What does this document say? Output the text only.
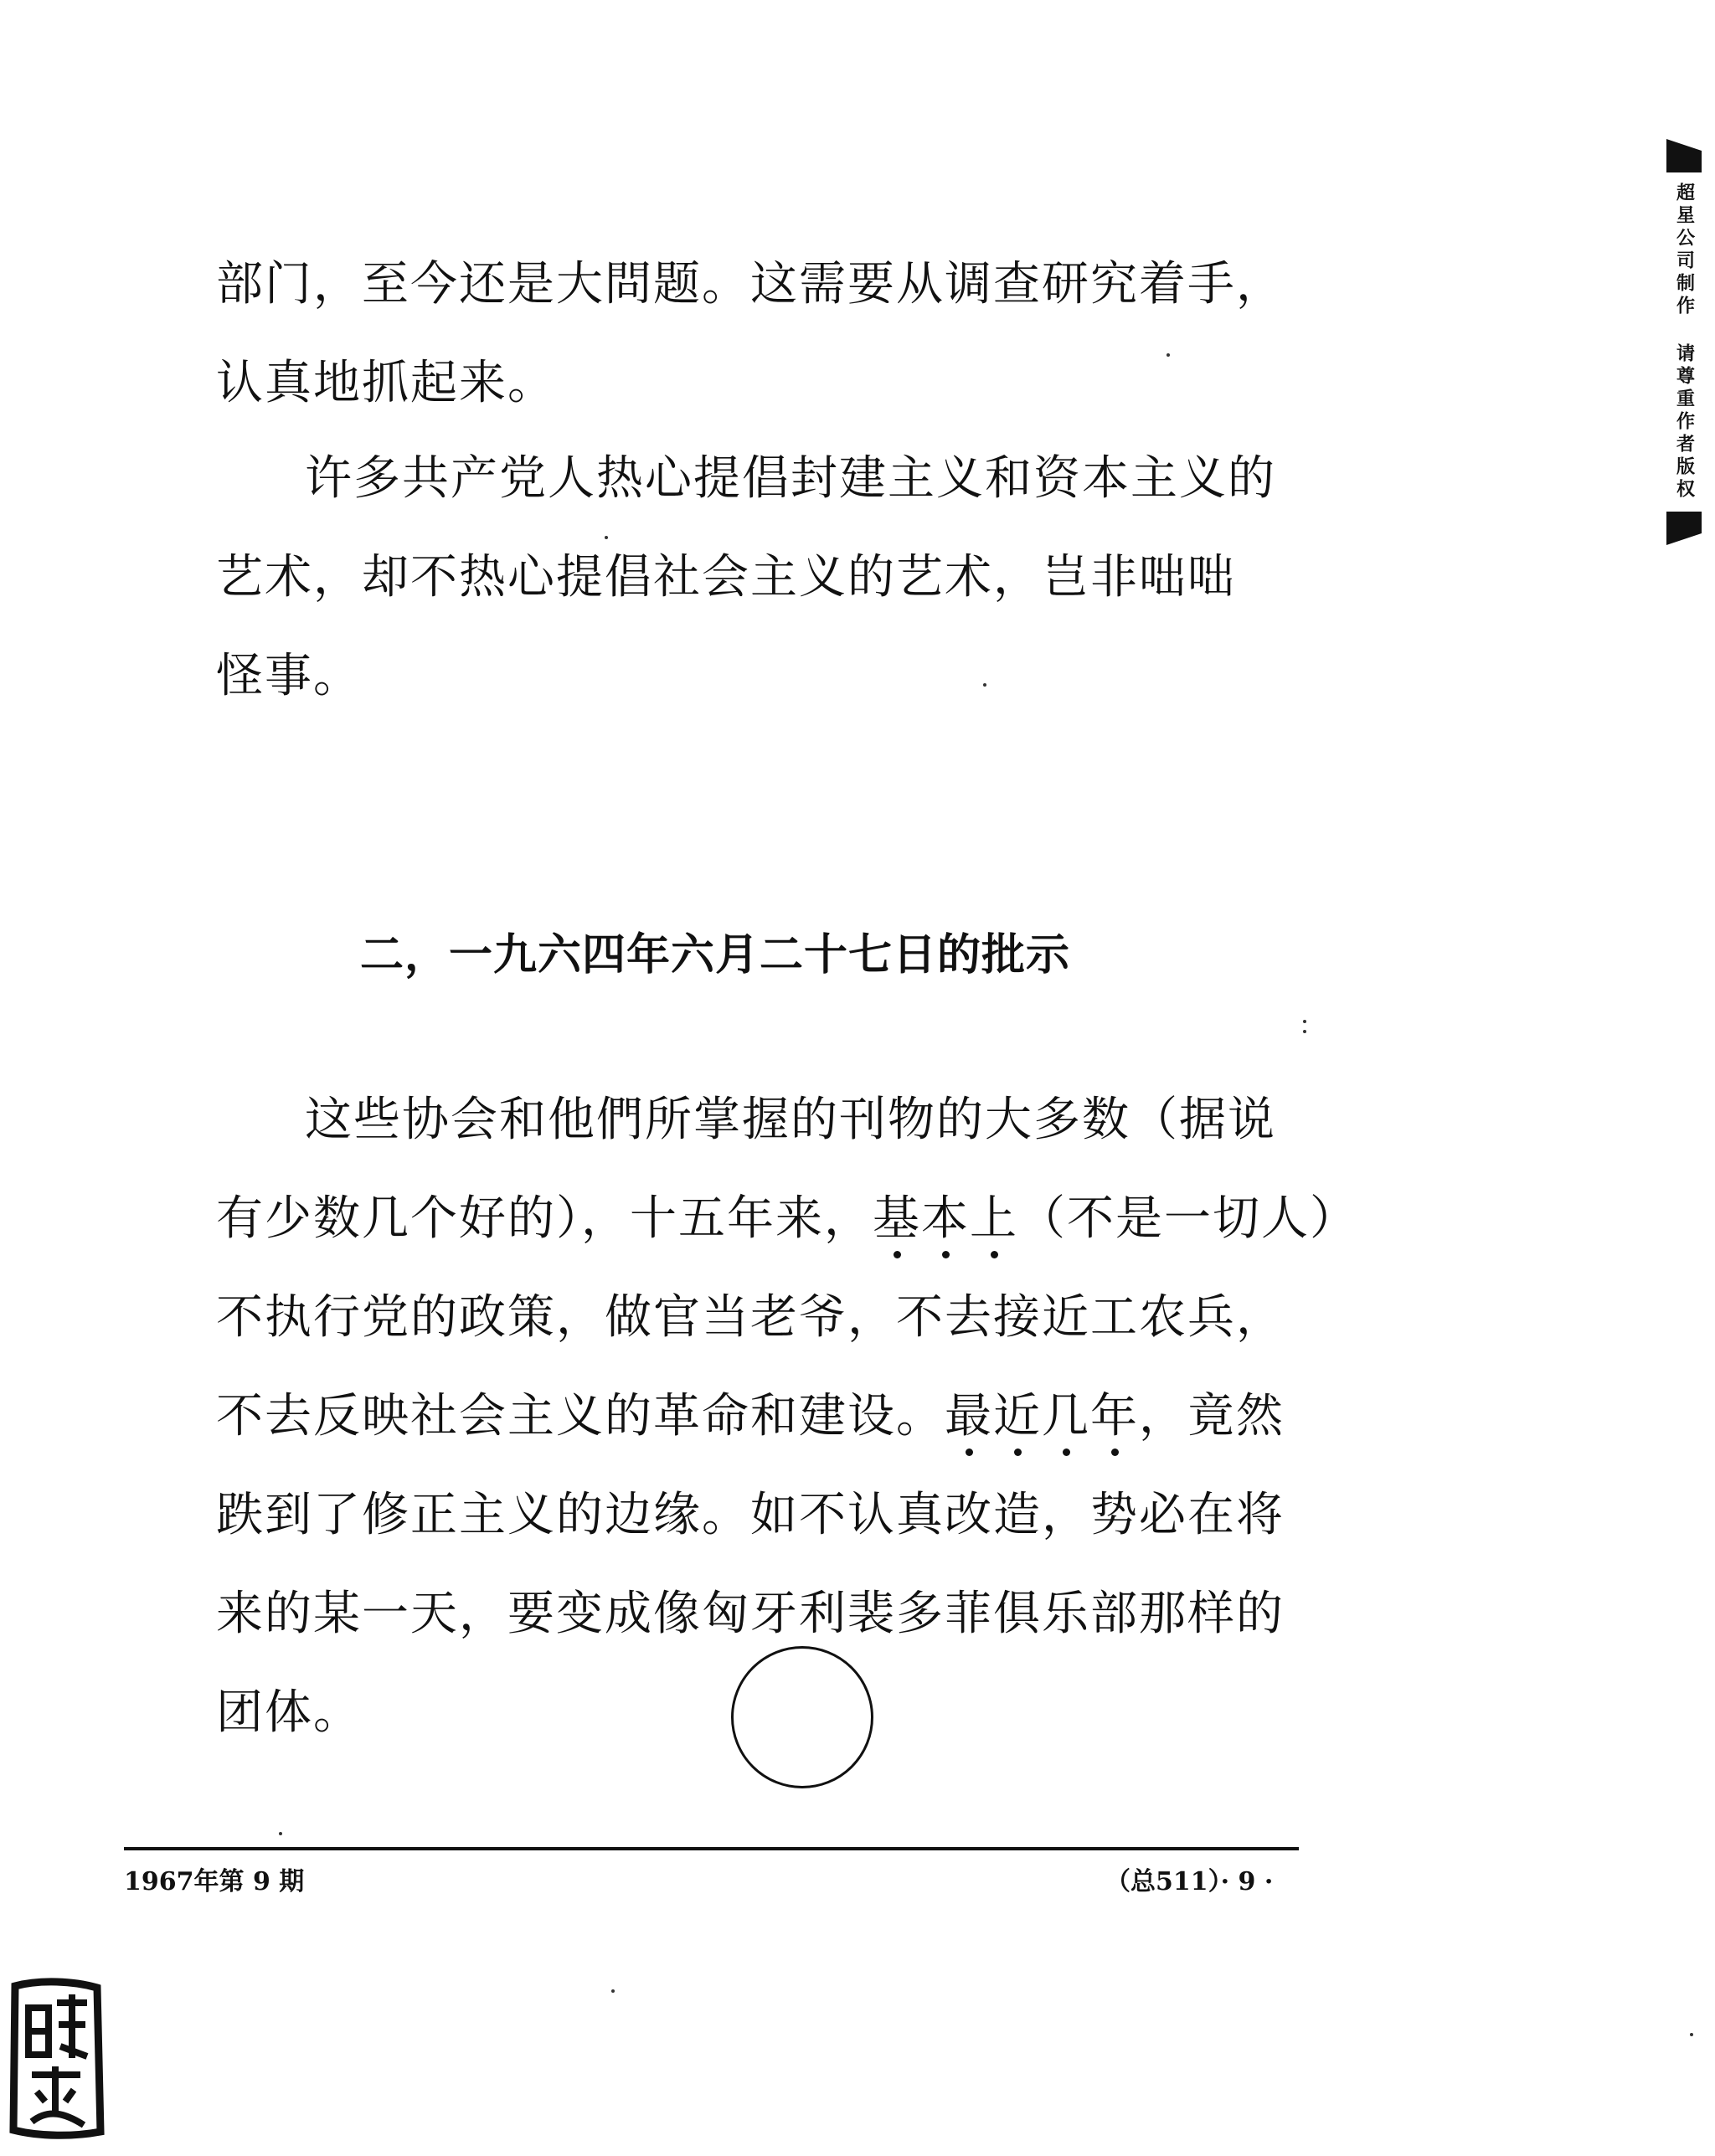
部门，至今还是大問题。这需要从调查研究着手，
认真地抓起来。
许多共产党人热心提倡封建主义和资本主义的
艺术，却不热心提倡社会主义的艺术，岂非咄咄
怪事。
二，一九六四年六月二十七日的批示
这些协会和他們所掌握的刊物的大多数（据说
有少数几个好的），十五年来，基本上
（不是一切人）
不执行党的政策，做官当老爷，不去接近工农兵，
不去反映社会主义的革命和建设。最近几年
，竟然
跌到了修正主义的边缘。如不认真改造，势必在将
来的某一天，要变成像匈牙利裴多菲俱乐部那样的
团体。
1967年第 9 期	（总511）· 9 ·
超星公司制作 请尊重作者版权
